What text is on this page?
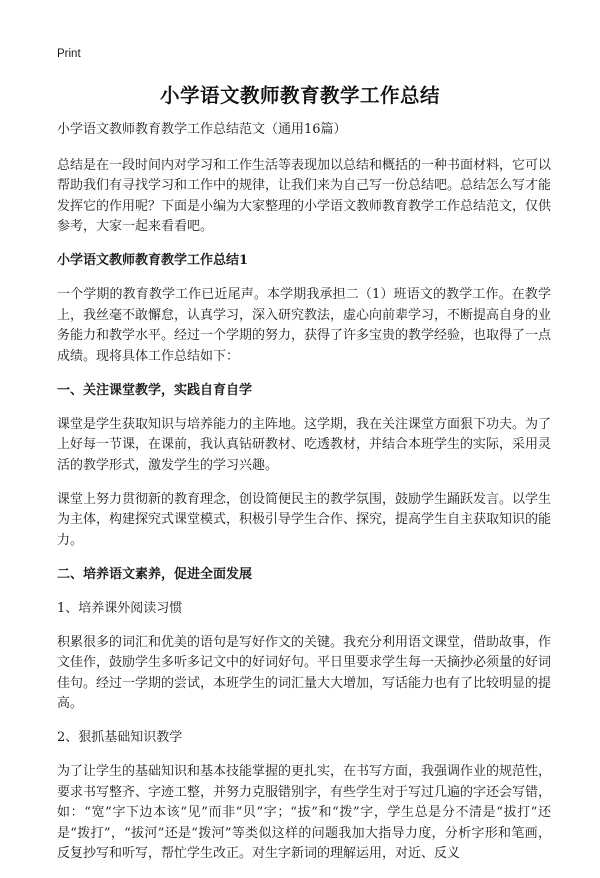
Print
小学语文教师教育教学工作总结

小学语文教师教育教学工作总结范文（通用16篇）

总结是在一段时间内对学习和工作生活等表现加以总结和概括的一种书面材料，它可以帮助我们有寻找学习和工作中的规律，让我们来为自己写一份总结吧。总结怎么写才能发挥它的作用呢？下面是小编为大家整理的小学语文教师教育教学工作总结范文，仅供参考，大家一起来看看吧。

小学语文教师教育教学工作总结1

一个学期的教育教学工作已近尾声。本学期我承担二（1）班语文的教学工作。在教学上，我丝毫不敢懈怠，认真学习，深入研究教法，虚心向前辈学习，不断提高自身的业务能力和教学水平。经过一个学期的努力，获得了许多宝贵的教学经验，也取得了一点成绩。现将具体工作总结如下：

一、关注课堂教学，实践自育自学

课堂是学生获取知识与培养能力的主阵地。这学期，我在关注课堂方面狠下功夫。为了上好每一节课，在课前，我认真钻研教材、吃透教材，并结合本班学生的实际，采用灵活的教学形式，激发学生的学习兴趣。

课堂上努力贯彻新的教育理念，创设简便民主的教学氛围，鼓励学生踊跃发言。以学生为主体，构建探究式课堂模式，积极引导学生合作、探究，提高学生自主获取知识的能力。

二、培养语文素养，促进全面发展

1、培养课外阅读习惯

积累很多的词汇和优美的语句是写好作文的关键。我充分利用语文课堂，借助故事，作文佳作，鼓励学生多听多记文中的好词好句。平日里要求学生每一天摘抄必须量的好词佳句。经过一学期的尝试，本班学生的词汇量大大增加，写话能力也有了比较明显的提高。

2、狠抓基础知识教学

为了让学生的基础知识和基本技能掌握的更扎实，在书写方面，我强调作业的规范性，要求书写整齐、字迹工整，并努力克服错别字，有些学生对于写过几遍的字还会写错，如：“宽”字下边本该“见”而非“贝”字；“拔”和“拨”字，学生总是分不清是“拔打”还是“拨打”，“拔河”还是“拨河”等类似这样的问题我加大指导力度，分析字形和笔画，反复抄写和听写，帮忙学生改正。对生字新词的理解运用，对近、反义
